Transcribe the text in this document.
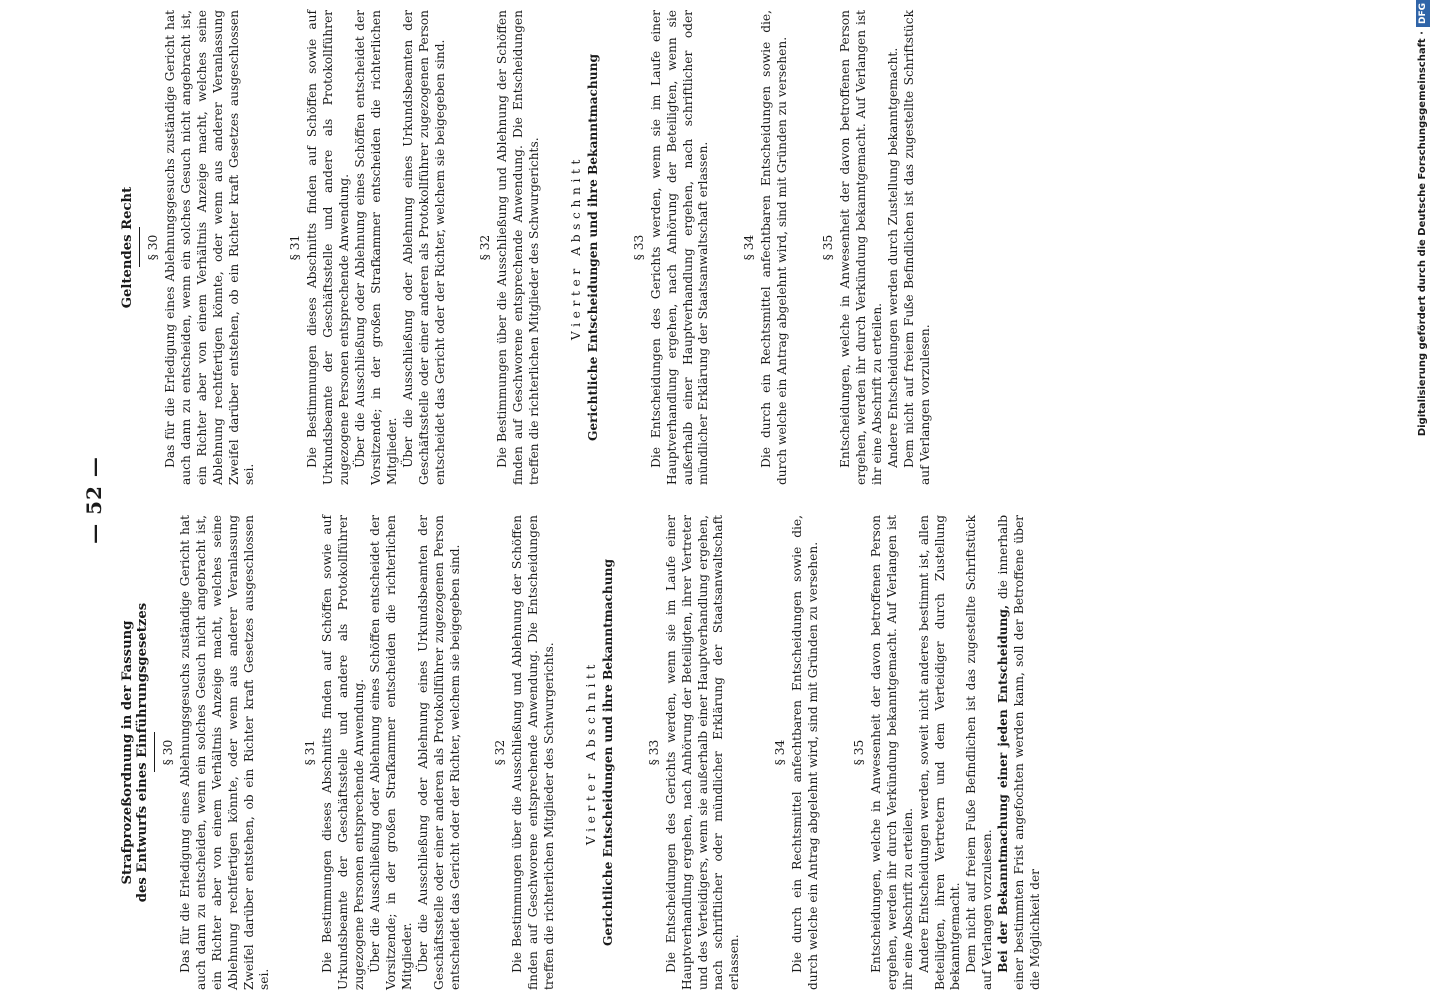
— 52 —
Strafprozeßordnung in der Fassung des Entwurfs eines Einführungsgesetzes § 30 Das für die Erledigung eines Ablehnungsgesuchs zuständige Gericht hat auch dann zu entscheiden, wenn ein solches Gesuch nicht angebracht ist, ein Richter aber von einem Verhältnis Anzeige macht, welches seine Ablehnung rechtfertigen könnte, oder wenn aus anderer Veranlassung Zweifel darüber entstehen, ob ein Richter kraft Gesetzes ausgeschlossen sei.

§ 31 Die Bestimmungen dieses Abschnitts finden auf Schöffen sowie auf Urkundsbeamte der Geschäftsstelle und andere als Protokollführer zugezogene Personen entsprechende Anwendung. Über die Ausschließung oder Ablehnung eines Schöffen entscheidet der Vorsitzende; in der großen Strafkammer entscheiden die richterlichen Mitglieder. Über die Ausschließung oder Ablehnung eines Urkundsbeamten der Geschäftsstelle oder einer anderen als Protokollführer zugezogenen Person entscheidet das Gericht oder der Richter, welchem sie beigegeben sind.	§ 32 Die Bestimmungen über die Ausschließung und Ablehnung der Schöffen finden auf Geschworene entsprechende Anwendung. Die Entscheidungen treffen die richterlichen Mitglieder des Schwurgerichts. Vierter Abschnitt Gerichtliche Entscheidungen und ihre Bekanntmachung	§ 33 Die Entscheidungen des Gerichts werden, wenn sie im Laufe einer Hauptverhandlung ergehen, nach Anhörung der Beteiligten, ihrer Vertreter und des Verteidigers, wenn sie außerhalb einer Hauptverhandlung ergehen, nach schriftlicher oder mündlicher Erklärung der Staatsanwaltschaft erlassen.

§ 34 Die durch ein Rechtsmittel anfechtbaren Entscheidungen sowie die, durch welche ein Antrag abgelehnt wird, sind mit Gründen zu versehen.	§ 35 Entscheidungen, welche in Anwesenheit der davon betroffenen Person ergehen, werden ihr durch Verkündung bekanntgemacht. Auf Verlangen ist ihr eine Abschrift zu erteilen. Andere Entscheidungen werden, soweit nicht anderes bestimmt ist, allen Beteiligten, ihren Vertretern und dem Verteidiger durch Zustellung bekanntgemacht. Dem nicht auf freiem Fuße Befindlichen ist das zugestellte Schriftstück auf Verlangen vorzulesen. Bei der Bekanntmachung einer jeden Entscheidung, die innerhalb einer bestimmten Frist angefochten werden kann, soll der Betroffene über die Möglichkeit der

Geltendes Recht § 30 Das für die Erledigung eines Ablehnungsgesuchs zuständige Gericht hat auch dann zu entscheiden, wenn ein solches Gesuch nicht angebracht ist, ein Richter aber von einem Verhältnis Anzeige macht, welches seine Ablehnung rechtfertigen könnte, oder wenn aus anderer Veranlassung Zweifel darüber entstehen, ob ein Richter kraft Gesetzes ausgeschlossen sei.

§ 31 Die Bestimmungen dieses Abschnitts finden auf Schöffen sowie auf Urkundsbeamte der Geschäftsstelle und andere als Protokollführer zugezogene Personen entsprechende Anwendung. Über die Ausschließung oder Ablehnung eines Schöffen entscheidet der Vorsitzende; in der großen Strafkammer entscheiden die richterlichen Mitglieder. Über die Ausschließung oder Ablehnung eines Urkundsbeamten der Geschäftsstelle oder einer anderen als Protokollführer zugezogenen Person entscheidet das Gericht oder der Richter, welchem sie beigegeben sind.	§ 32 Die Bestimmungen über die Ausschließung und Ablehnung der Schöffen finden auf Geschworene entsprechende Anwendung. Die Entscheidungen treffen die richterlichen Mitglieder des Schwurgerichts. Vierter Abschnitt Gerichtliche Entscheidungen und ihre Bekanntmachung	§ 33 Die Entscheidungen des Gerichts werden, wenn sie im Laufe einer Hauptverhandlung ergehen, nach Anhörung der Beteiligten, wenn sie außerhalb einer Hauptverhandlung ergehen, nach schriftlicher oder mündlicher Erklärung der Staatsanwaltschaft erlassen.	§ 34 Die durch ein Rechtsmittel anfechtbaren Entscheidungen sowie die, durch welche ein Antrag abgelehnt wird, sind mit Gründen zu versehen.	§ 35 Entscheidungen, welche in Anwesenheit der davon betroffenen Person ergehen, werden ihr durch Verkündung bekanntgemacht. Auf Verlangen ist ihr eine Abschrift zu erteilen. Andere Entscheidungen werden durch Zustellung bekanntgemacht. Dem nicht auf freiem Fuße Befindlichen ist das zugestellte Schriftstück auf Verlangen vorzulesen.	Digitalisierung gefördert durch die Deutsche Forschungsgemeinschaft ·DFG
